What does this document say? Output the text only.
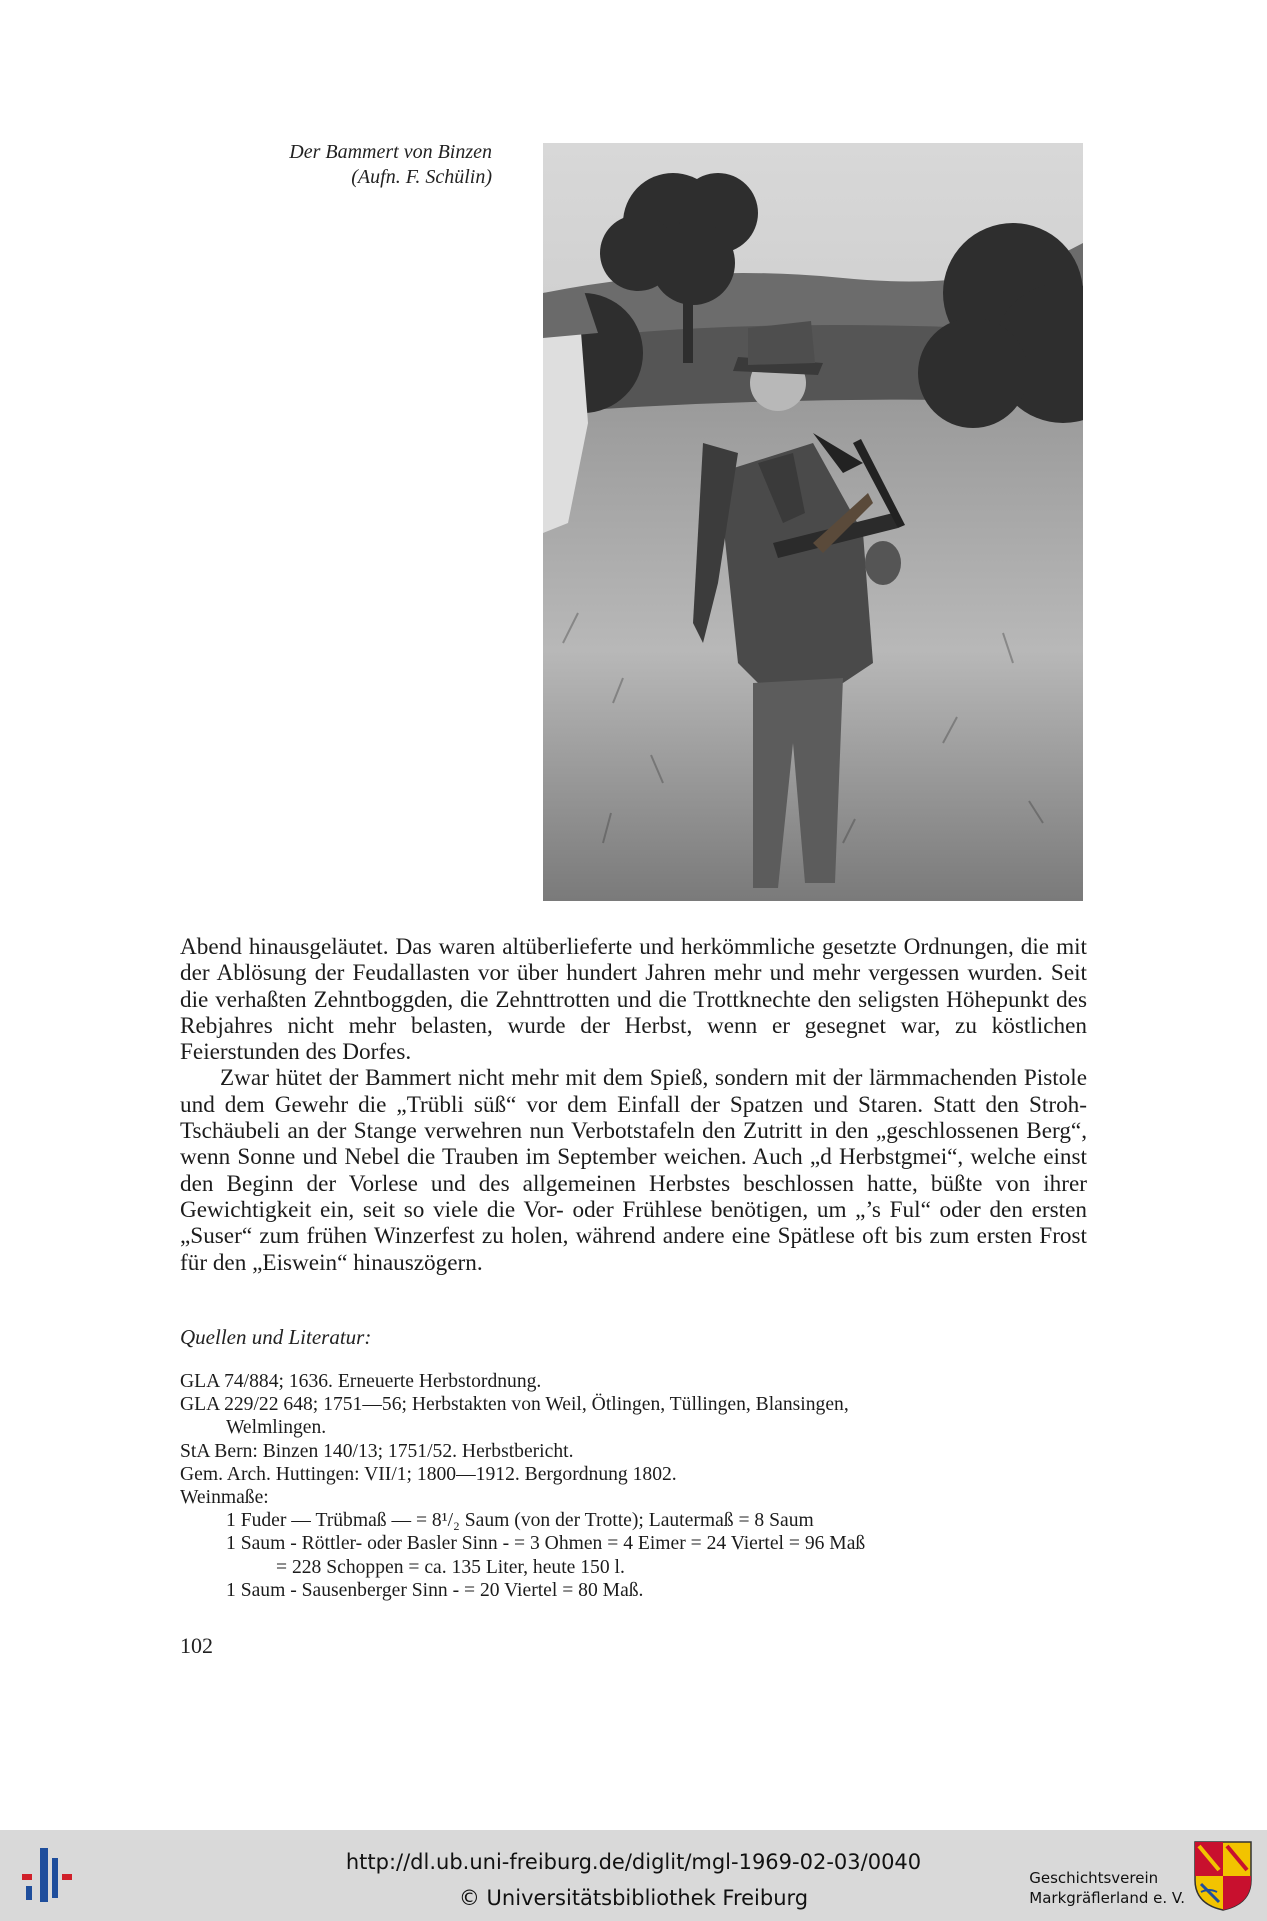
Der Bammert von Binzen
(Aufn. F. Schülin)

Abend hinausgeläutet. Das waren altüberlieferte und herkömmliche gesetzte Ordnungen, die mit der Ablösung der Feudallasten vor über hundert Jahren mehr und mehr vergessen wurden. Seit die verhaßten Zehntboggden, die Zehnttrotten und die Trottknechte den seligsten Höhepunkt des Rebjahres nicht mehr belasten, wurde der Herbst, wenn er gesegnet war, zu köstlichen Feierstunden des Dorfes.

Zwar hütet der Bammert nicht mehr mit dem Spieß, sondern mit der lärmmachenden Pistole und dem Gewehr die „Trübli süß“ vor dem Einfall der Spatzen und Staren. Statt den Stroh-Tschäubeli an der Stange verwehren nun Verbotstafeln den Zutritt in den „geschlossenen Berg“, wenn Sonne und Nebel die Trauben im September weichen. Auch „d Herbstgmei“, welche einst den Beginn der Vorlese und des allgemeinen Herbstes beschlossen hatte, büßte von ihrer Gewichtigkeit ein, seit so viele die Vor- oder Frühlese benötigen, um „’s Ful“ oder den ersten „Suser“ zum frühen Winzerfest zu holen, während andere eine Spätlese oft bis zum ersten Frost für den „Eiswein“ hinauszögern.

Quellen und Literatur:
GLA 74/884; 1636. Erneuerte Herbstordnung.
GLA 229/22 648; 1751—56; Herbstakten von Weil, Ötlingen, Tüllingen, Blansingen,
Welmlingen.
StA Bern: Binzen 140/13; 1751/52. Herbstbericht.
Gem. Arch. Huttingen: VII/1; 1800—1912. Bergordnung 1802.
Weinmaße:
1 Fuder — Trübmaß — = 8¹/₂ Saum (von der Trotte); Lautermaß = 8 Saum
1 Saum - Röttler- oder Basler Sinn - = 3 Ohmen = 4 Eimer = 24 Viertel = 96 Maß
= 228 Schoppen = ca. 135 Liter, heute 150 l.
1 Saum - Sausenberger Sinn - = 20 Viertel = 80 Maß.
102
http://dl.ub.uni-freiburg.de/diglit/mgl-1969-02-03/0040
© Universitätsbibliothek Freiburg
Geschichtsverein
Markgräflerland e. V.
